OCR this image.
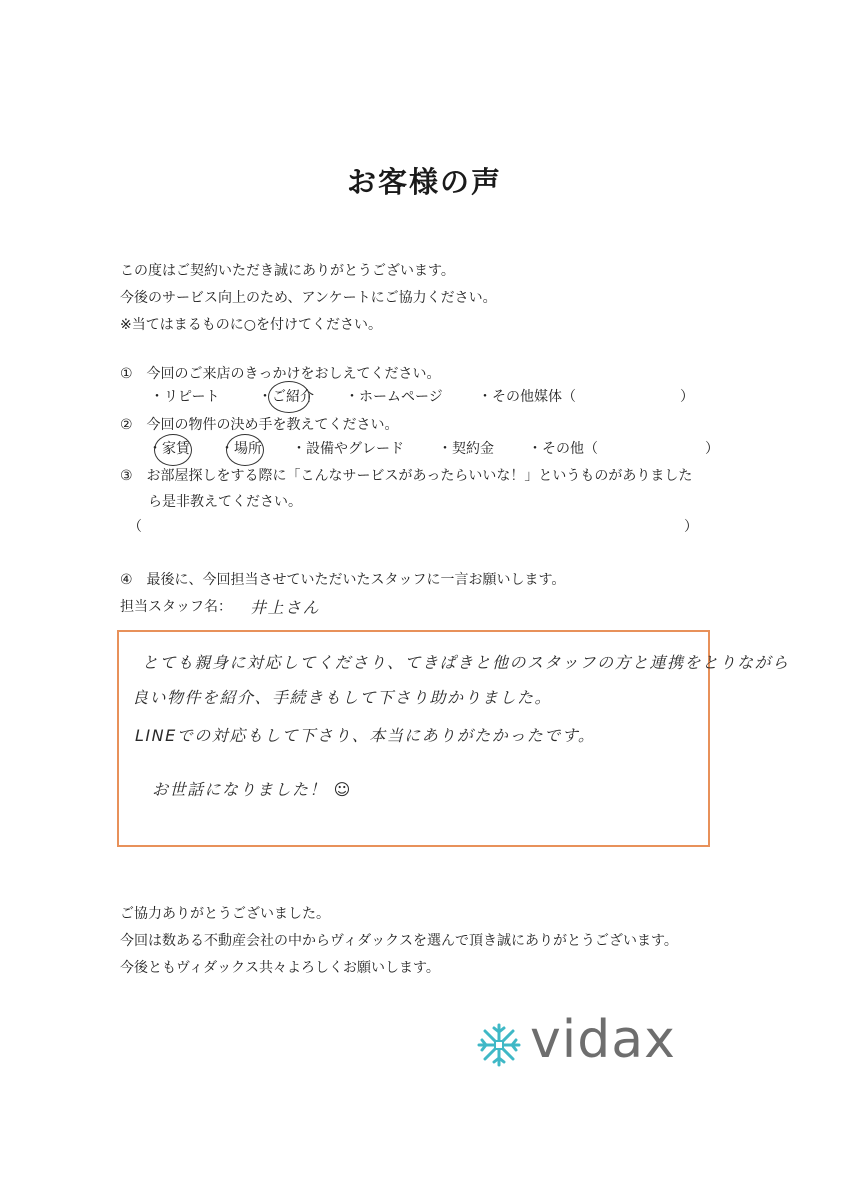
お客様の声
この度はご契約いただき誠にありがとうございます。
今後のサービス向上のため、アンケートにご協力ください。
※当てはまるものに○を付けてください。
①　今回のご来店のきっかけをおしえてください。
・リピート	・ご紹介 ・ホームページ	・その他媒体（	）
②　今回の物件の決め手を教えてください。
・家賃 ・場所 ・設備やグレード ・契約金 ・その他（	）
③　お部屋探しをする際に「こんなサービスがあったらいいな！」というものがありました
ら是非教えてください。
（	）
④　最後に、今回担当させていただいたスタッフに一言お願いします。
担当スタッフ名： 井上さん
とても親身に対応してくださり、てきぱきと他のスタッフの方と連携をとりながら
良い物件を紹介、手続きもして下さり助かりました。
LINEでの対応もして下さり、本当にありがたかったです。
お世話になりました！ ☺
ご協力ありがとうございました。
今回は数ある不動産会社の中からヴィダックスを選んで頂き誠にありがとうございます。
今後ともヴィダックス共々よろしくお願いします。
vidax
